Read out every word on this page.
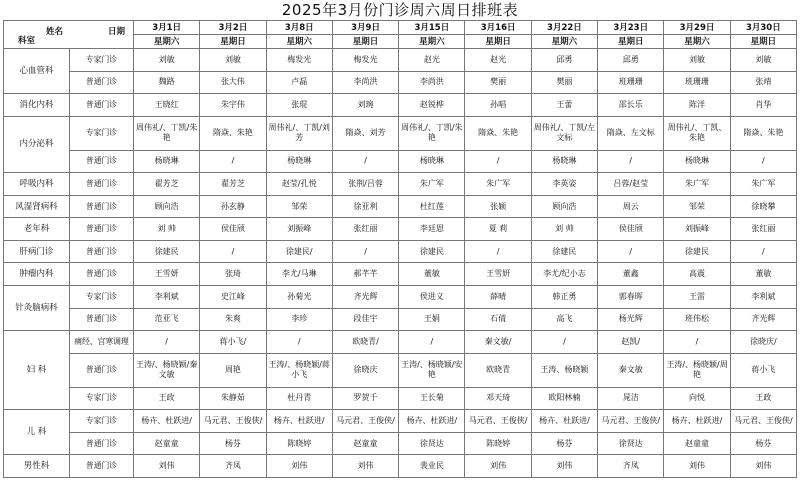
2025年3月份门诊周六周日排班表
科室
姓名 日期		3月1日	3月2日	3月8日	3月9日	3月15日	3月16日	3月22日	3月23日	3月29日	3月30日
		星期六	星期日	星期六	星期日	星期六	星期日	星期六	星期日	星期六	星期日
心血管科	专家门诊	刘敏	刘敏	梅发光	梅发光	赵光	赵光	邱勇	邱勇	刘敏	刘敏
	普通门诊	魏路	张大伟	卢磊	李尚洪	李尚洪	樊丽	樊丽	班珊珊	班珊珊	张靖
消化内科	普通门诊	王晓红	朱宇伟	张琨	刘琬	赵锐桦	孙唱	王蕾	邵长乐	陈洋	肖华
内分泌科	专家门诊	周伟礼/、丁凯/朱艳	隋焱、朱艳	周伟礼/、丁凯/刘芳	隋焱、刘芳	周伟礼/、丁凯/朱艳	隋焱、朱艳	周伟礼/、丁凯/左文标	隋焱、左文标	周伟礼/、丁凯、朱艳	隋焱、朱艳
	普通门诊	杨晓琳	/	杨晓琳	/	杨晓琳	/	杨晓琳	/	杨晓琳	/
呼吸内科	普通门诊	翟芳芝	翟芳芝	赵莹/孔悦	张荆/吕蓉	朱广军	朱广军	李英姿	吕蓉/赵莹	朱广军	朱广军
风湿肾病科	普通门诊	顾向浩	孙玄静	邹荣	徐亚利	杜红莲	张颖	顾向浩	周云	邹荣	徐晓攀
老年科	普通门诊	刘 帅	侯佳颀	刘振峰	张红丽	李廷恩	夏 莉	刘 帅	侯佳颀	刘振峰	张红丽
肝病门诊	普通门诊	徐建民	/	徐建民/	/	徐建民	/	徐建民	/	徐建民	/
肿瘤内科	普通门诊	王雪妍	张琦	李尤/马琳	郝芊芊	董敏	王雪妍	李尤/纪小志	董鑫	高震	董敏
针灸脑病科	专家门诊	李利斌	史江峰	孙菊光	齐光辉	侯进义	薛晴	韩正勇	郭春晖	王雷	李利斌
	普通门诊	范亚飞	朱爽	李珍	段佳宇	王娟	石倩	高飞	杨光辉	班伟松	齐光辉
妇 科	痛经、宫寒调理	/	蒋小飞/	/	欧晓青/	/	秦文敏/	/	赵凯/	/	徐晓庆/
	普通门诊	王涛/、杨晓颖/秦文敏	周艳	王涛/、杨晓颖/蒋小飞	徐晓庆	王涛/、杨晓颖/安艳	欧晓青	王涛、杨晓颖	秦文敏	王涛/、杨晓颖/周艳	蒋小飞
	专家门诊	王政	朱静茹	杜丹青	罗贺千	王长菊	邓天琦	欧阳林楠	晁洁	向悦	王政
儿 科	专家门诊	杨卉、杜跃进/	马元君、王俊侠/	杨卉、杜跃进/	马元君、王俊侠/	杨卉、杜跃进/	马元君、王俊侠/	杨卉、杜跃进/	马元君、王俊侠/	杨卉、杜跃进/	马元君、王俊侠/
	普通门诊	赵童童	杨芬	陈晓婷	赵童童	徐贤达	陈晓婷	杨芬	徐贤达	赵童童	杨芬
男性科	普通门诊	刘伟	齐凤	刘伟	刘伟	裴业民	刘伟	刘伟	齐凤	刘伟	刘伟
